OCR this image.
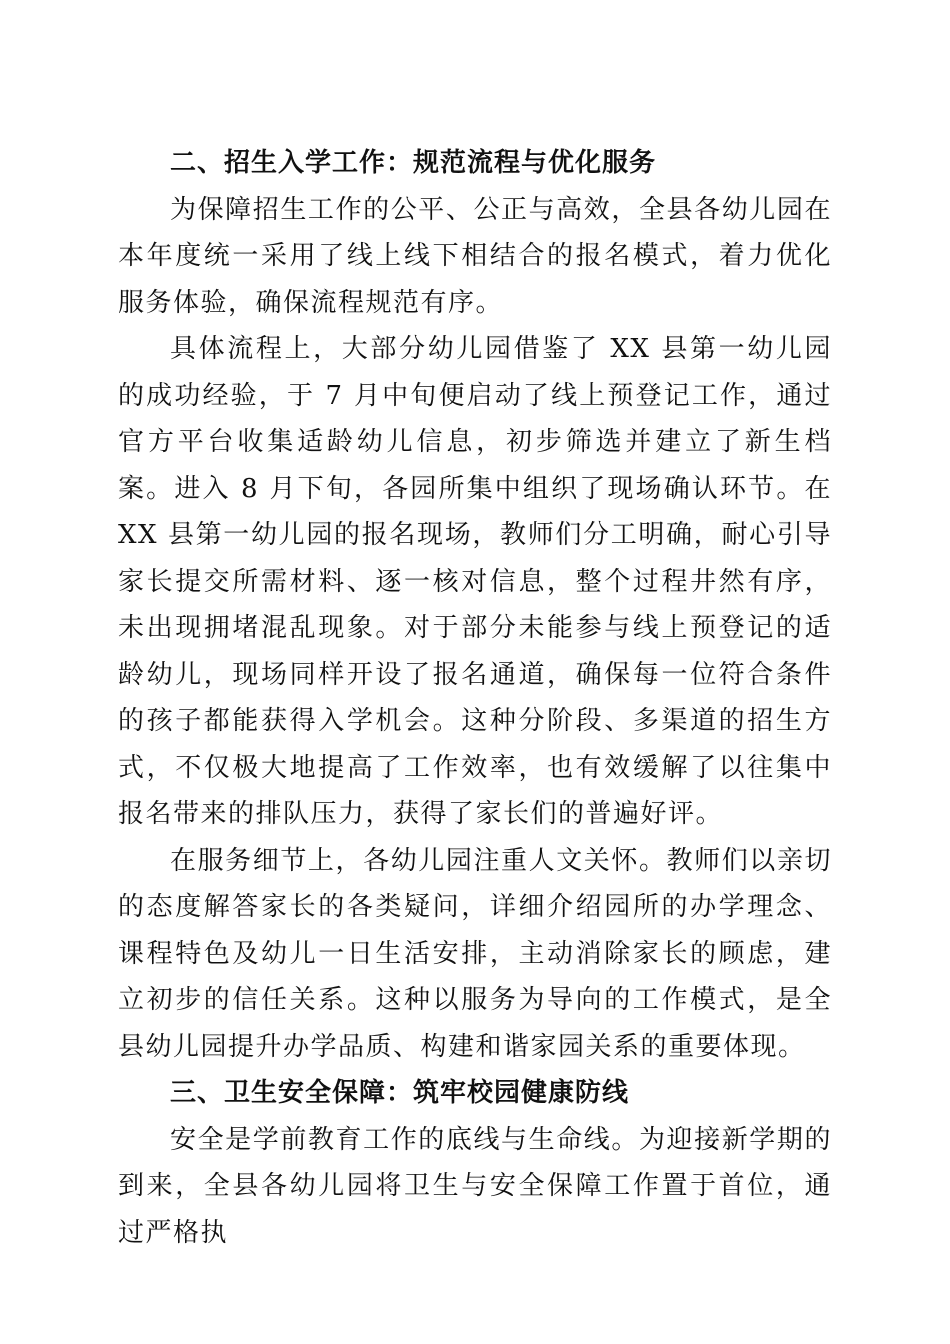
二、招生入学工作：规范流程与优化服务

为保障招生工作的公平、公正与高效，全县各幼儿园在本年度统一采用了线上线下相结合的报名模式，着力优化服务体验，确保流程规范有序。

具体流程上，大部分幼儿园借鉴了 XX 县第一幼儿园的成功经验，于 7 月中旬便启动了线上预登记工作，通过官方平台收集适龄幼儿信息，初步筛选并建立了新生档案。进入 8 月下旬，各园所集中组织了现场确认环节。在 XX 县第一幼儿园的报名现场，教师们分工明确，耐心引导家长提交所需材料、逐一核对信息，整个过程井然有序，未出现拥堵混乱现象。对于部分未能参与线上预登记的适龄幼儿，现场同样开设了报名通道，确保每一位符合条件的孩子都能获得入学机会。这种分阶段、多渠道的招生方式，不仅极大地提高了工作效率，也有效缓解了以往集中报名带来的排队压力，获得了家长们的普遍好评。

在服务细节上，各幼儿园注重人文关怀。教师们以亲切的态度解答家长的各类疑问，详细介绍园所的办学理念、课程特色及幼儿一日生活安排，主动消除家长的顾虑，建立初步的信任关系。这种以服务为导向的工作模式，是全县幼儿园提升办学品质、构建和谐家园关系的重要体现。

三、卫生安全保障：筑牢校园健康防线

安全是学前教育工作的底线与生命线。为迎接新学期的到来，全县各幼儿园将卫生与安全保障工作置于首位，通过严格执
